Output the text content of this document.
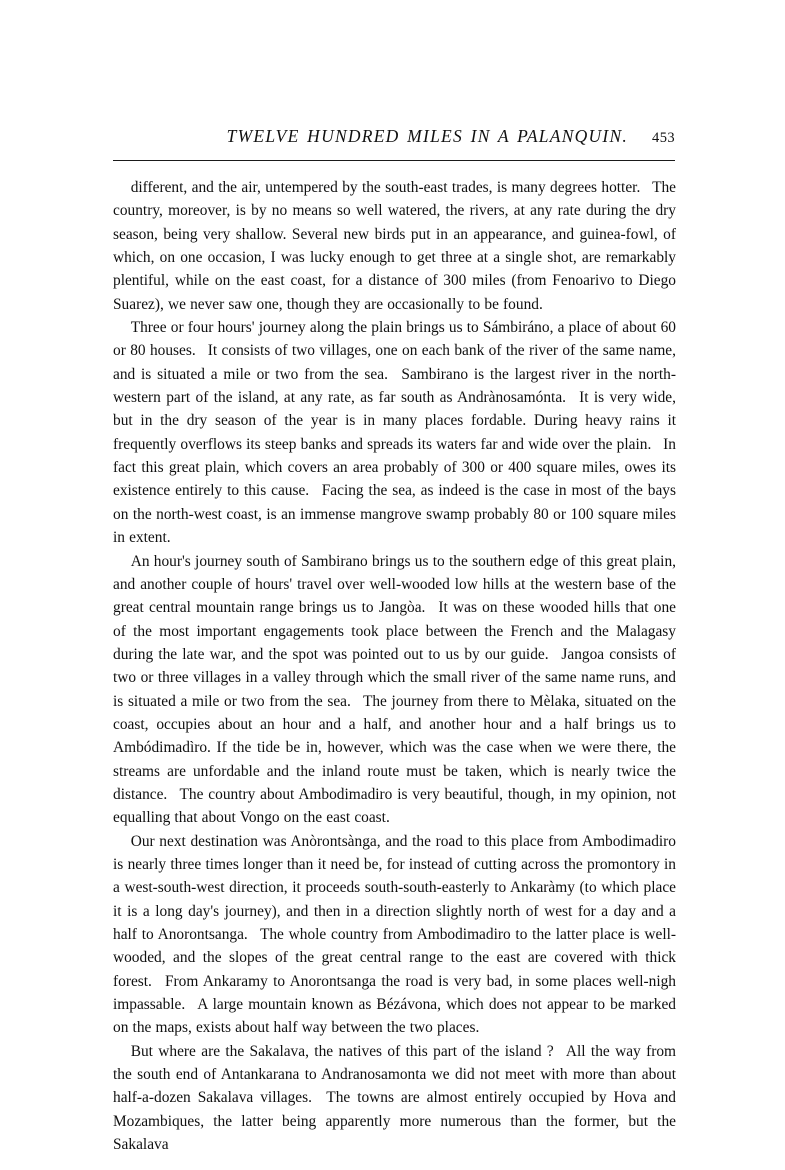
TWELVE HUNDRED MILES IN A PALANQUIN. 453

different, and the air, untempered by the south-east trades, is many degrees hotter.  The country, moreover, is by no means so well watered, the rivers, at any rate during the dry season, being very shallow. Several new birds put in an appearance, and guinea-fowl, of which, on one occasion, I was lucky enough to get three at a single shot, are remarkably plentiful, while on the east coast, for a distance of 300 miles (from Fenoarivo to Diego Suarez), we never saw one, though they are occasionally to be found.

Three or four hours' journey along the plain brings us to Sámbiráno, a place of about 60 or 80 houses.  It consists of two villages, one on each bank of the river of the same name, and is situated a mile or two from the sea.  Sambirano is the largest river in the north-western part of the island, at any rate, as far south as Andrànosamónta.  It is very wide, but in the dry season of the year is in many places fordable. During heavy rains it frequently overflows its steep banks and spreads its waters far and wide over the plain.  In fact this great plain, which covers an area probably of 300 or 400 square miles, owes its existence entirely to this cause.  Facing the sea, as indeed is the case in most of the bays on the north-west coast, is an immense mangrove swamp probably 80 or 100 square miles in extent.

An hour's journey south of Sambirano brings us to the southern edge of this great plain, and another couple of hours' travel over well-wooded low hills at the western base of the great central mountain range brings us to Jangòa.  It was on these wooded hills that one of the most important engagements took place between the French and the Malagasy during the late war, and the spot was pointed out to us by our guide.  Jangoa consists of two or three villages in a valley through which the small river of the same name runs, and is situated a mile or two from the sea.  The journey from there to Mèlaka, situated on the coast, occupies about an hour and a half, and another hour and a half brings us to Ambódimadìro. If the tide be in, however, which was the case when we were there, the streams are unfordable and the inland route must be taken, which is nearly twice the distance.  The country about Ambodimadiro is very beautiful, though, in my opinion, not equalling that about Vongo on the east coast.

Our next destination was Anòrontsànga, and the road to this place from Ambodimadiro is nearly three times longer than it need be, for instead of cutting across the promontory in a west-south-west direction, it proceeds south-south-easterly to Ankaràmy (to which place it is a long day's journey), and then in a direction slightly north of west for a day and a half to Anorontsanga.  The whole country from Ambodimadiro to the latter place is well-wooded, and the slopes of the great central range to the east are covered with thick forest.  From Ankaramy to Anorontsanga the road is very bad, in some places well-nigh impassable.  A large mountain known as Bézávona, which does not appear to be marked on the maps, exists about half way between the two places.

But where are the Sakalava, the natives of this part of the island ?  All the way from the south end of Antankarana to Andranosamonta we did not meet with more than about half-a-dozen Sakalava villages.  The towns are almost entirely occupied by Hova and Mozambiques, the latter being apparently more numerous than the former, but the Sakalava
